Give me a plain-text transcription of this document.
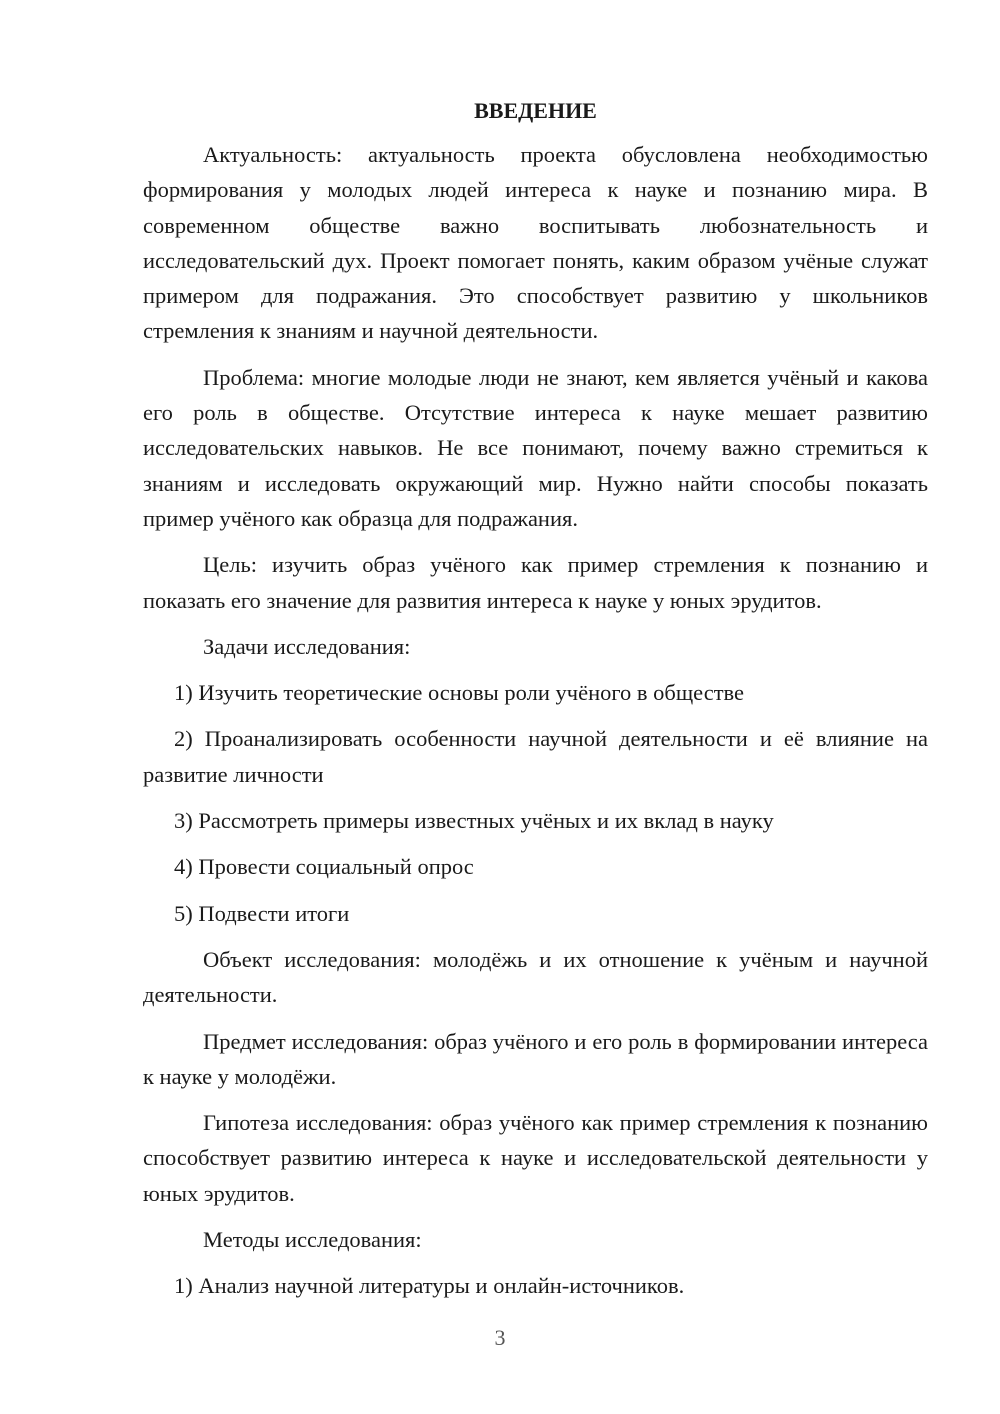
ВВЕДЕНИЕ

Актуальность: актуальность проекта обусловлена необходимостью формирования у молодых людей интереса к науке и познанию мира. В современном обществе важно воспитывать любознательность и исследовательский дух. Проект помогает понять, каким образом учёные служат примером для подражания. Это способствует развитию у школьников стремления к знаниям и научной деятельности.

Проблема: многие молодые люди не знают, кем является учёный и какова его роль в обществе. Отсутствие интереса к науке мешает развитию исследовательских навыков. Не все понимают, почему важно стремиться к знаниям и исследовать окружающий мир. Нужно найти способы показать пример учёного как образца для подражания.

Цель: изучить образ учёного как пример стремления к познанию и показать его значение для развития интереса к науке у юных эрудитов.

Задачи исследования:

1) Изучить теоретические основы роли учёного в обществе

2) Проанализировать особенности научной деятельности и её влияние на развитие личности

3) Рассмотреть примеры известных учёных и их вклад в науку

4) Провести социальный опрос

5) Подвести итоги

Объект исследования: молодёжь и их отношение к учёным и научной деятельности.

Предмет исследования: образ учёного и его роль в формировании интереса к науке у молодёжи.

Гипотеза исследования: образ учёного как пример стремления к познанию способствует развитию интереса к науке и исследовательской деятельности у юных эрудитов.

Методы исследования:

1) Анализ научной литературы и онлайн-источников.

3
